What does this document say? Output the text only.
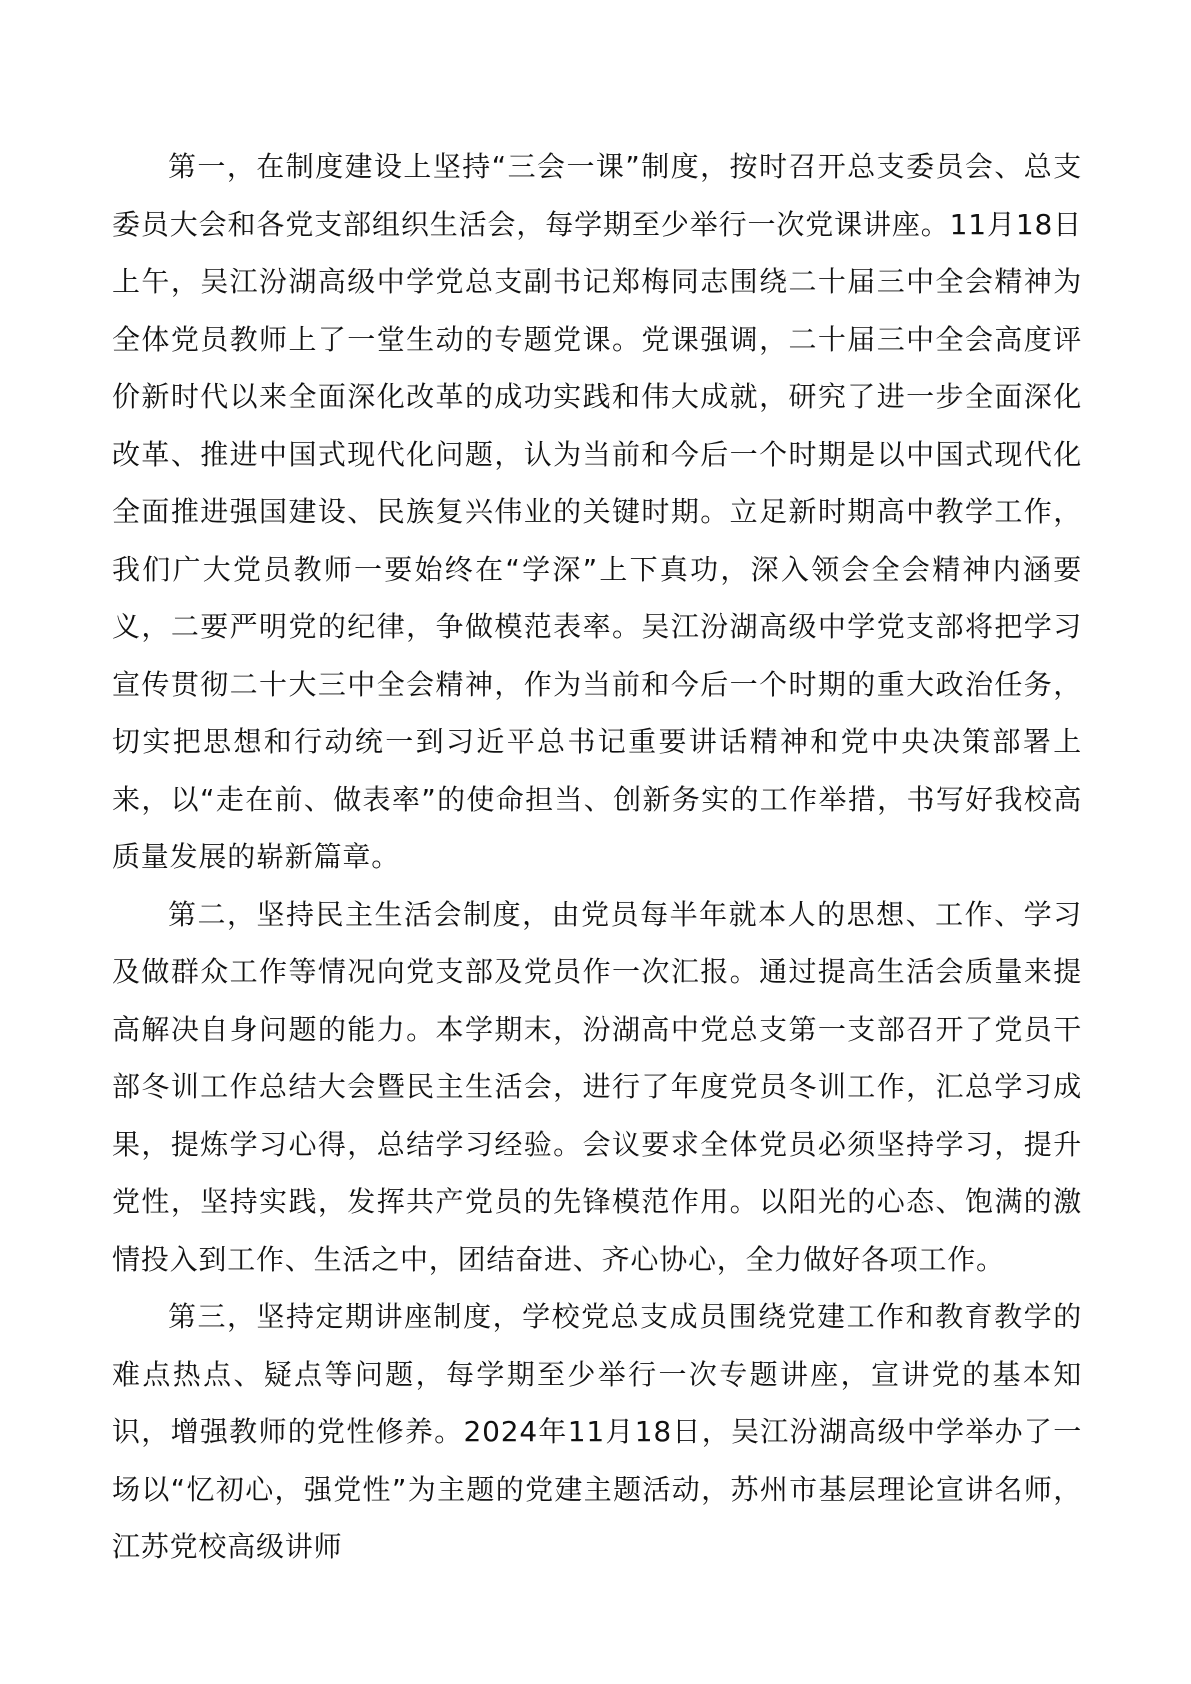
第一，在制度建设上坚持“三会一课”制度，按时召开总支委员会、总支委员大会和各党支部组织生活会，每学期至少举行一次党课讲座。11月18日上午，吴江汾湖高级中学党总支副书记郑梅同志围绕二十届三中全会精神为全体党员教师上了一堂生动的专题党课。党课强调，二十届三中全会高度评价新时代以来全面深化改革的成功实践和伟大成就，研究了进一步全面深化改革、推进中国式现代化问题，认为当前和今后一个时期是以中国式现代化全面推进强国建设、民族复兴伟业的关键时期。立足新时期高中教学工作，我们广大党员教师一要始终在“学深”上下真功，深入领会全会精神内涵要义，二要严明党的纪律，争做模范表率。吴江汾湖高级中学党支部将把学习宣传贯彻二十大三中全会精神，作为当前和今后一个时期的重大政治任务，切实把思想和行动统一到习近平总书记重要讲话精神和党中央决策部署上来，以“走在前、做表率”的使命担当、创新务实的工作举措，书写好我校高质量发展的崭新篇章。

第二，坚持民主生活会制度，由党员每半年就本人的思想、工作、学习及做群众工作等情况向党支部及党员作一次汇报。通过提高生活会质量来提高解决自身问题的能力。本学期末，汾湖高中党总支第一支部召开了党员干部冬训工作总结大会暨民主生活会，进行了年度党员冬训工作，汇总学习成果，提炼学习心得，总结学习经验。会议要求全体党员必须坚持学习，提升党性，坚持实践，发挥共产党员的先锋模范作用。以阳光的心态、饱满的激情投入到工作、生活之中，团结奋进、齐心协心，全力做好各项工作。

第三，坚持定期讲座制度，学校党总支成员围绕党建工作和教育教学的难点热点、疑点等问题，每学期至少举行一次专题讲座，宣讲党的基本知识，增强教师的党性修养。2024年11月18日，吴江汾湖高级中学举办了一场以“忆初心，强党性”为主题的党建主题活动，苏州市基层理论宣讲名师，江苏党校高级讲师
